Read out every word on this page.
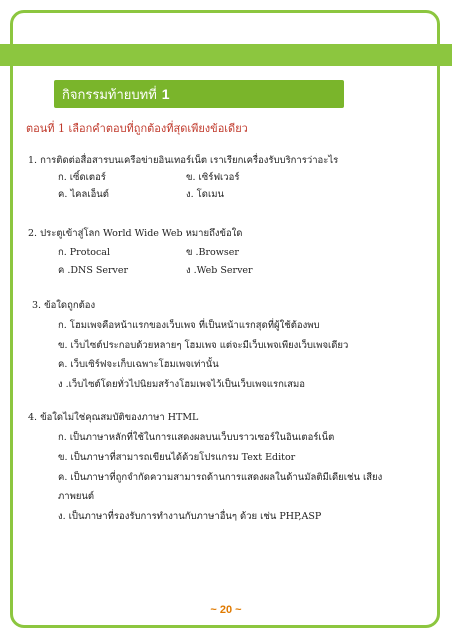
กิจกรรมท้ายบทที่ 1
ตอนที่ 1 เลือกคำตอบที่ถูกต้องที่สุดเพียงข้อเดียว
1. การติดต่อสื่อสารบนเครือข่ายอินเทอร์เน็ต เราเรียกเครื่องรับบริการว่าอะไร
ก. เซิ์ดเตอร์	ข. เซิร์ฟเวอร์
ค. ไคลเอ็นต์	ง. โดเมน
2. ประตูเข้าสู่โลก World Wide Web หมายถึงข้อใด
ก. Protocal	ข .Browser
ค .DNS Server	ง .Web Server
3. ข้อใดถูกต้อง
ก. โฮมเพจคือหน้าแรกของเว็บเพจ ที่เป็นหน้าแรกสุดที่ผู้ใช้ต้องพบ
ข. เว็บไซต์ประกอบด้วยหลายๆ โฮมเพจ แต่จะมีเว็บเพจเพียงเว็บเพจเดียว
ค. เว็บเซิร์ฟจะเก็บเฉพาะโฮมเพจเท่านั้น
ง .เว็บไซต์โดยทั่วไปนิยมสร้างโฮมเพจไว้เป็นเว็บเพจแรกเสมอ
4. ข้อใดไม่ใช่คุณสมบัติของภาษา HTML
ก. เป็นภาษาหลักที่ใช้ในการแสดงผลบนเว็บบราวเซอร์ในอินเตอร์เน็ต
ข. เป็นภาษาที่สามารถเขียนได้ด้วยโปรแกรม Text Editor
ค. เป็นภาษาที่ถูกจำกัดความสามารถด้านการแสดงผลในด้านมัลติมีเดียเช่น เสียง
ภาพยนต์
ง. เป็นภาษาที่รองรับการทำงานกับภาษาอื่นๆ ด้วย เช่น PHP,ASP
~ 20 ~
